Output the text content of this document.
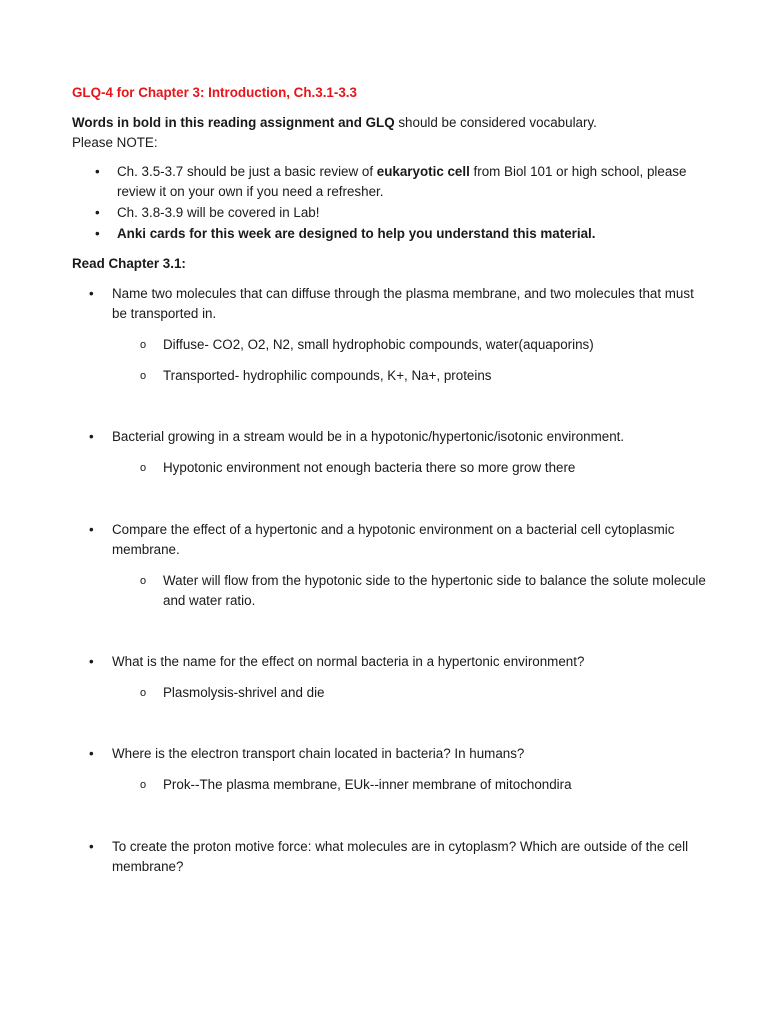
GLQ-4 for Chapter 3: Introduction, Ch.3.1-3.3

Words in bold in this reading assignment and GLQ should be considered vocabulary.

Please NOTE:

• Ch. 3.5-3.7 should be just a basic review of eukaryotic cell from Biol 101 or high school, please review it on your own if you need a refresher.
• Ch. 3.8-3.9 will be covered in Lab!
• Anki cards for this week are designed to help you understand this material.

Read Chapter 3.1:

• Name two molecules that can diffuse through the plasma membrane, and two molecules that must be transported in.

o Diffuse- CO2, O2, N2, small hydrophobic compounds, water(aquaporins)

o Transported- hydrophilic compounds, K+, Na+, proteins

• Bacterial growing in a stream would be in a hypotonic/hypertonic/isotonic environment.

o Hypotonic environment not enough bacteria there so more grow there

• Compare the effect of a hypertonic and a hypotonic environment on a bacterial cell cytoplasmic membrane.

o Water will flow from the hypotonic side to the hypertonic side to balance the solute molecule and water ratio.

• What is the name for the effect on normal bacteria in a hypertonic environment?

o Plasmolysis-shrivel and die

• Where is the electron transport chain located in bacteria? In humans?

o Prok--The plasma membrane, EUk--inner membrane of mitochondira

• To create the proton motive force: what molecules are in cytoplasm? Which are outside of the cell membrane?
